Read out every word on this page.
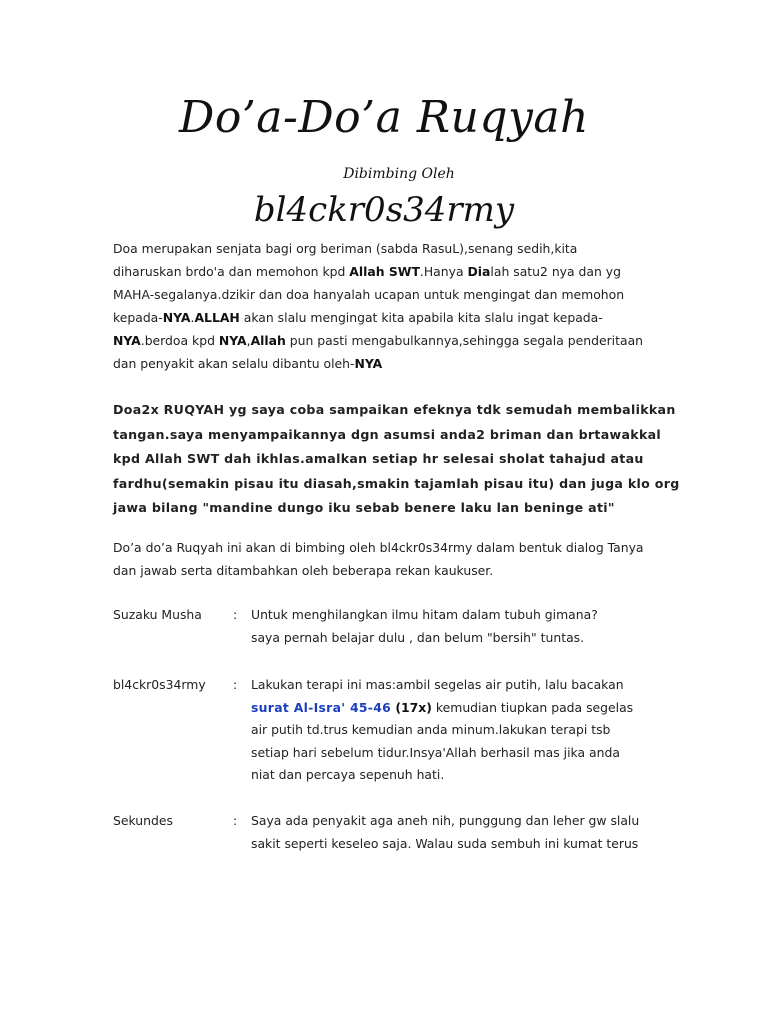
Do’a-Do’a Ruqyah
Dibimbing Oleh
bl4ckr0s34rmy
Doa merupakan senjata bagi org beriman (sabda RasuL),senang sedih,kita
diharuskan brdo'a dan memohon kpd Allah SWT.Hanya Dialah satu2 nya dan yg
MAHA-segalanya.dzikir dan doa hanyalah ucapan untuk mengingat dan memohon
kepada-NYA.ALLAH akan slalu mengingat kita apabila kita slalu ingat kepada-
NYA.berdoa kpd NYA,Allah pun pasti mengabulkannya,sehingga segala penderitaan
dan penyakit akan selalu dibantu oleh-NYA
Doa2x RUQYAH yg saya coba sampaikan efeknya tdk semudah membalikkan
tangan.saya menyampaikannya dgn asumsi anda2 briman dan brtawakkal
kpd Allah SWT dah ikhlas.amalkan setiap hr selesai sholat tahajud atau
fardhu(semakin pisau itu diasah,smakin tajamlah pisau itu) dan juga klo org
jawa bilang "mandine dungo iku sebab benere laku lan beninge ati"
Do’a do’a Ruqyah ini akan di bimbing oleh bl4ckr0s34rmy dalam bentuk dialog Tanya
dan jawab serta ditambahkan oleh beberapa rekan kaukuser.
Suzaku Musha	:	Untuk menghilangkan ilmu hitam dalam tubuh gimana?
saya pernah belajar dulu , dan belum "bersih" tuntas.
bl4ckr0s34rmy	:	Lakukan terapi ini mas:ambil segelas air putih, lalu bacakan
surat Al-Isra' 45-46 (17x) kemudian tiupkan pada segelas
air putih td.trus kemudian anda minum.lakukan terapi tsb
setiap hari sebelum tidur.Insya'Allah berhasil mas jika anda
niat dan percaya sepenuh hati.
Sekundes	:	Saya ada penyakit aga aneh nih, punggung dan leher gw slalu
sakit seperti keseleo saja. Walau suda sembuh ini kumat terus
